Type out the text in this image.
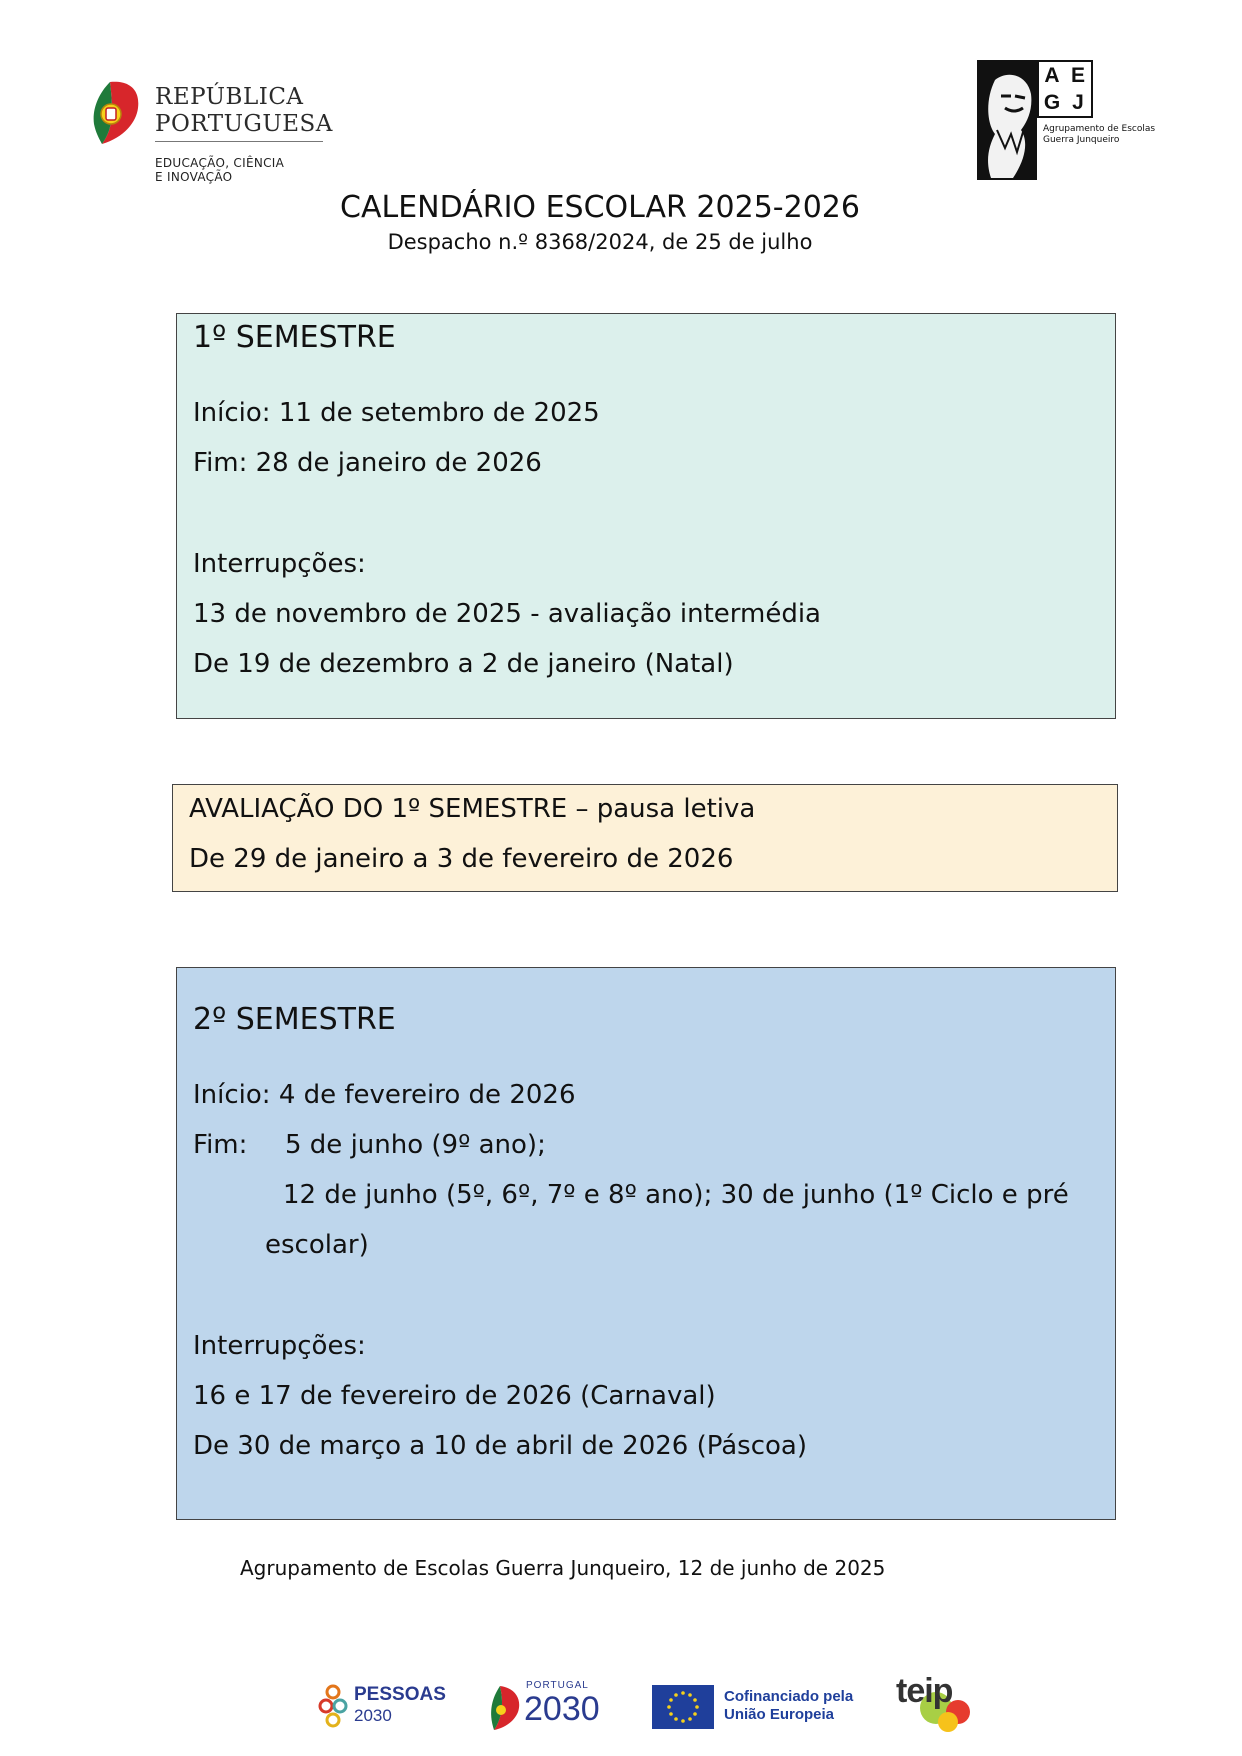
REPÚBLICA
PORTUGUESA
EDUCAÇÃO, CIÊNCIA
E INOVAÇÃO
A E
G J
Agrupamento de Escolas
Guerra Junqueiro
CALENDÁRIO ESCOLAR 2025-2026
Despacho n.º 8368/2024, de 25 de julho

1º SEMESTRE

Início: 11 de setembro de 2025

Fim: 28 de janeiro de 2026

Interrupções:

13 de novembro de 2025 - avaliação intermédia

De 19 de dezembro a 2 de janeiro (Natal)

AVALIAÇÃO DO 1º SEMESTRE – pausa letiva

De 29 de janeiro a 3 de fevereiro de 2026

2º SEMESTRE

Início: 4 de fevereiro de 2026

Fim: 5 de junho (9º ano);

12 de junho (5º, 6º, 7º e 8º ano); 30 de junho (1º Ciclo e pré

escolar)

Interrupções:

16 e 17 de fevereiro de 2026 (Carnaval)

De 30 de março a 10 de abril de 2026 (Páscoa)

Agrupamento de Escolas Guerra Junqueiro, 12 de junho de 2025
PESSOAS
2030
PORTUGAL
2030	Cofinanciado pela
União Europeia
teip
